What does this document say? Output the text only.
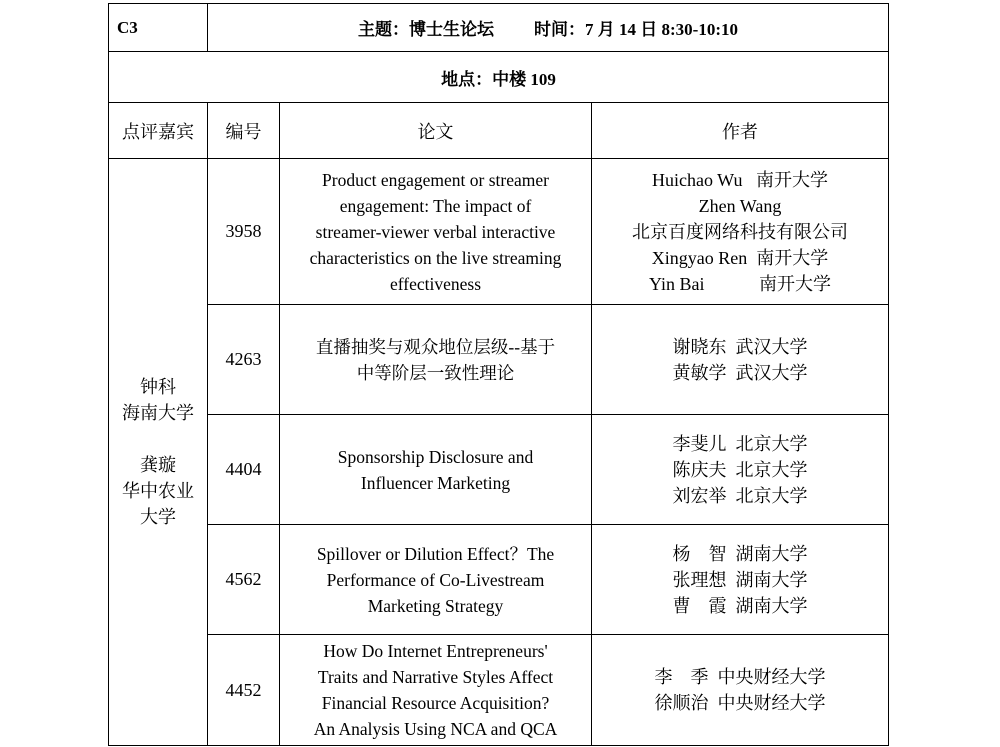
C3	主题：博士生论坛 时间：7 月 14 日 8:30-10:10		
地点：中楼 109			
点评嘉宾	编号	论文	作者

钟科
海南大学
龚璇
华中农业
大学	3958	Product engagement or streamer
engagement: The impact of
streamer-viewer verbal interactive
characteristics on the live streaming
effectiveness	Huichao Wu 南开大学
Zhen Wang
北京百度网络科技有限公司
Xingyao Ren 南开大学
Yin Bai 南开大学

	4263	直播抽奖与观众地位层级--基于
中等阶层一致性理论	谢晓东 武汉大学
黄敏学 武汉大学

	4404	Sponsorship Disclosure and
Influencer Marketing	李斐儿 北京大学
陈庆夫 北京大学
刘宏举 北京大学

	4562	Spillover or Dilution Effect？The
Performance of Co-Livestream
Marketing Strategy	杨　智 湖南大学
张理想 湖南大学
曹　霞 湖南大学

	4452	How Do Internet Entrepreneurs'
Traits and Narrative Styles Affect
Financial Resource Acquisition?
An Analysis Using NCA and QCA	李　季 中央财经大学
徐顺治 中央财经大学
